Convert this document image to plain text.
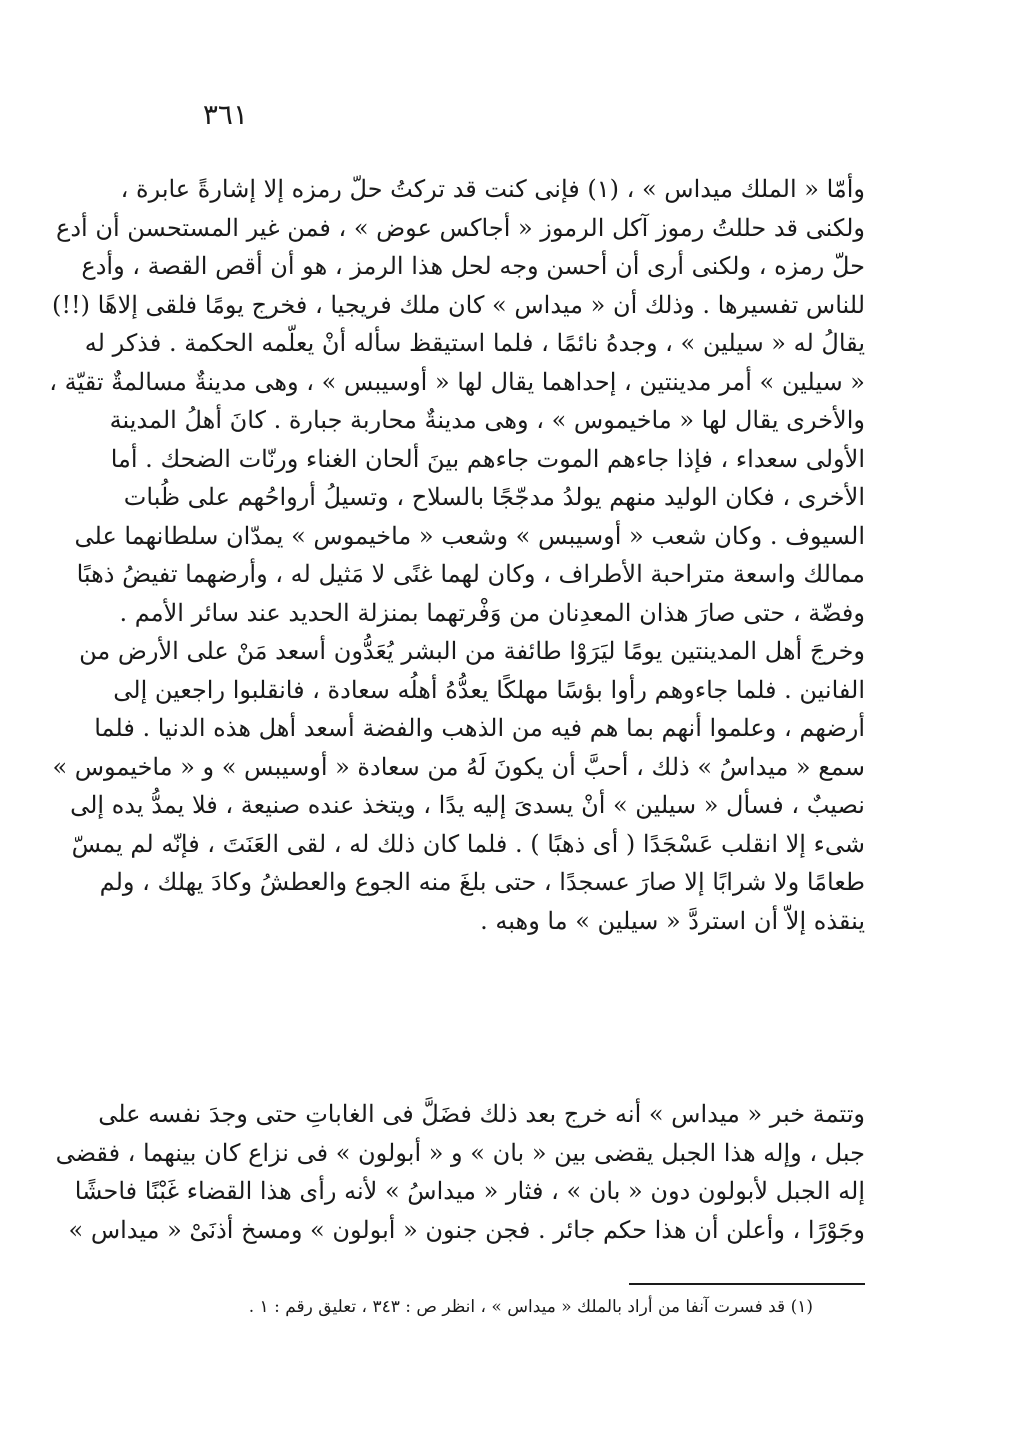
٣٦١
وأمّا « الملك ميداس » ، (١) فإنى كنت قد تركتُ حلّ رمزه إلا إشارةً عابرة ،
ولكنى قد حللتُ رموز آكل الرموز « أجاكس عوض » ، فمن غير المستحسن أن أدع
حلّ رمزه ، ولكنى أرى أن أحسن وجه لحل هذا الرمز ، هو أن أقص القصة ، وأدع
للناس تفسيرها . وذلك أن « ميداس » كان ملك فريجيا ، فخرج يومًا فلقى إلاهًا (!!)
يقالُ له « سيلين » ، وجدهُ نائمًا ، فلما استيقظ سأله أنْ يعلّمه الحكمة . فذكر له
« سيلين » أمر مدينتين ، إحداهما يقال لها « أوسيبس » ، وهى مدينةٌ مسالمةٌ تقيّة ،
والأخرى يقال لها « ماخيموس » ، وهى مدينةٌ محاربة جبارة . كانَ أهلُ المدينة
الأولى سعداء ، فإذا جاءهم الموت جاءهم بينَ ألحان الغناء ورنّات الضحك . أما
الأخرى ، فكان الوليد منهم يولدُ مدجّجًا بالسلاح ، وتسيلُ أرواحُهم على ظُبات
السيوف . وكان شعب « أوسيبس » وشعب « ماخيموس » يمدّان سلطانهما على
ممالك واسعة متراحبة الأطراف ، وكان لهما غنًى لا مَثيل له ، وأرضهما تفيضُ ذهبًا
وفضّة ، حتى صارَ هذان المعدِنان من وَفْرتهما بمنزلة الحديد عند سائر الأمم .
وخرجَ أهل المدينتين يومًا ليَرَوْا طائفة من البشر يُعَدُّون أسعد مَنْ على الأرض من
الفانين . فلما جاءوهم رأوا بؤسًا مهلكًا يعدُّهُ أهلُه سعادة ، فانقلبوا راجعين إلى
أرضهم ، وعلموا أنهم بما هم فيه من الذهب والفضة أسعد أهل هذه الدنيا . فلما
سمع « ميداسُ » ذلك ، أحبَّ أن يكونَ لَهُ من سعادة « أوسيبس » و « ماخيموس »
نصيبٌ ، فسأل « سيلين » أنْ يسدىَ إليه يدًا ، ويتخذ عنده صنيعة ، فلا يمدُّ يده إلى
شىء إلا انقلب عَسْجَدًا ( أى ذهبًا ) . فلما كان ذلك له ، لقى العَنَتَ ، فإنّه لم يمسّ
طعامًا ولا شرابًا إلا صارَ عسجدًا ، حتى بلغَ منه الجوع والعطشُ وكادَ يهلك ، ولم
ينقذه إلاّ أن استردَّ « سيلين » ما وهبه .
وتتمة خبر « ميداس » أنه خرج بعد ذلك فضَلَّ فى الغاباتِ حتى وجدَ نفسه على
جبل ، وإله هذا الجبل يقضى بين « بان » و « أبولون » فى نزاع كان بينهما ، فقضى
إله الجبل لأبولون دون « بان » ، فثار « ميداسُ » لأنه رأى هذا القضاء غَبْنًا فاحشًا
وجَوْرًا ، وأعلن أن هذا حكم جائر . فجن جنون « أبولون » ومسخ أذنَىْ « ميداس »
(١) قد فسرت آنفا من أراد بالملك « ميداس » ، انظر ص : ٣٤٣ ، تعليق رقم : ١ .
